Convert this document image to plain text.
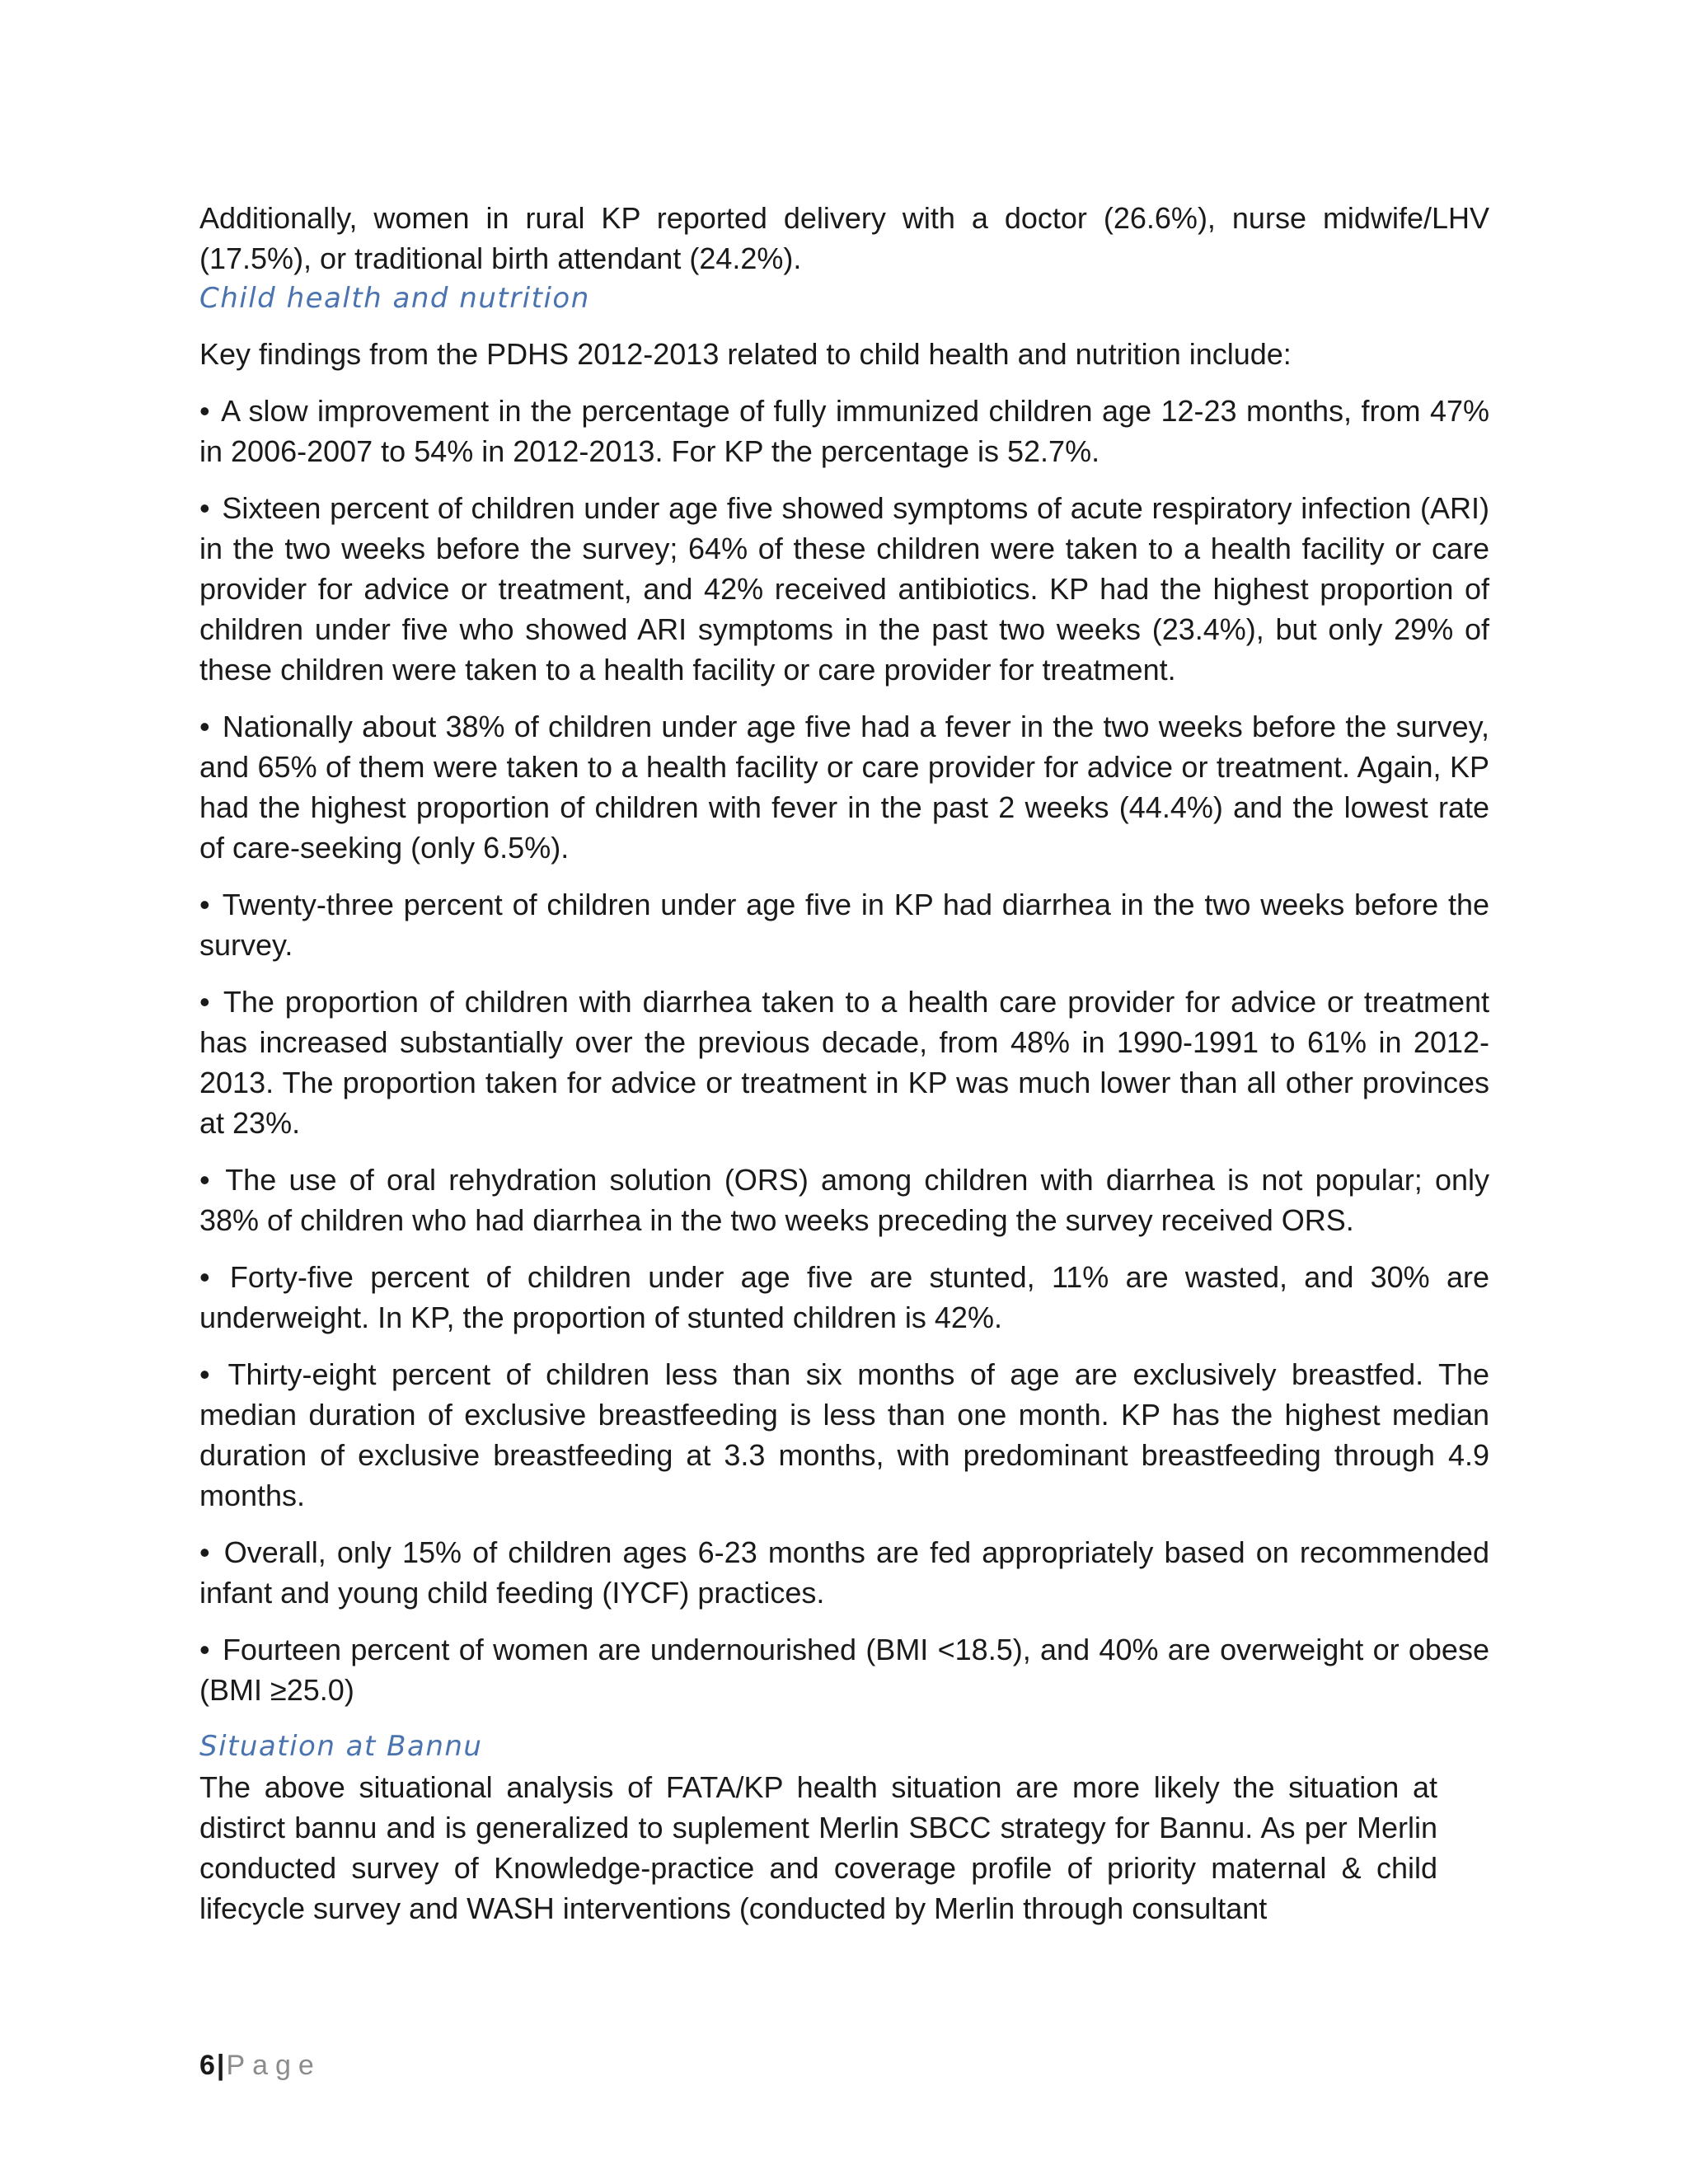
Additionally, women in rural KP reported delivery with a doctor (26.6%), nurse midwife/LHV (17.5%), or traditional birth attendant (24.2%).

Child health and nutrition

Key findings from the PDHS 2012-2013 related to child health and nutrition include:

• A slow improvement in the percentage of fully immunized children age 12-23 months, from 47% in 2006-2007 to 54% in 2012-2013. For KP the percentage is 52.7%.

• Sixteen percent of children under age five showed symptoms of acute respiratory infection (ARI) in the two weeks before the survey; 64% of these children were taken to a health facility or care provider for advice or treatment, and 42% received antibiotics. KP had the highest proportion of children under five who showed ARI symptoms in the past two weeks (23.4%), but only 29% of these children were taken to a health facility or care provider for treatment.

• Nationally about 38% of children under age five had a fever in the two weeks before the survey, and 65% of them were taken to a health facility or care provider for advice or treatment. Again, KP had the highest proportion of children with fever in the past 2 weeks (44.4%) and the lowest rate of care-seeking (only 6.5%).

• Twenty-three percent of children under age five in KP had diarrhea in the two weeks before the survey.

• The proportion of children with diarrhea taken to a health care provider for advice or treatment has increased substantially over the previous decade, from 48% in 1990-1991 to 61% in 2012-2013. The proportion taken for advice or treatment in KP was much lower than all other provinces at 23%.

• The use of oral rehydration solution (ORS) among children with diarrhea is not popular; only 38% of children who had diarrhea in the two weeks preceding the survey received ORS.

• Forty-five percent of children under age five are stunted, 11% are wasted, and 30% are underweight. In KP, the proportion of stunted children is 42%.

• Thirty-eight percent of children less than six months of age are exclusively breastfed. The median duration of exclusive breastfeeding is less than one month. KP has the highest median duration of exclusive breastfeeding at 3.3 months, with predominant breastfeeding through 4.9 months.

• Overall, only 15% of children ages 6-23 months are fed appropriately based on recommended infant and young child feeding (IYCF) practices.

• Fourteen percent of women are undernourished (BMI <18.5), and 40% are overweight or obese (BMI ≥25.0)

Situation at Bannu

The above situational analysis of FATA/KP health situation are more likely the situation at distirct bannu and is generalized to suplement Merlin SBCC strategy for Bannu. As per Merlin conducted survey of Knowledge-practice and coverage profile of priority maternal & child lifecycle survey and WASH interventions (conducted by Merlin through consultant

6|Page
